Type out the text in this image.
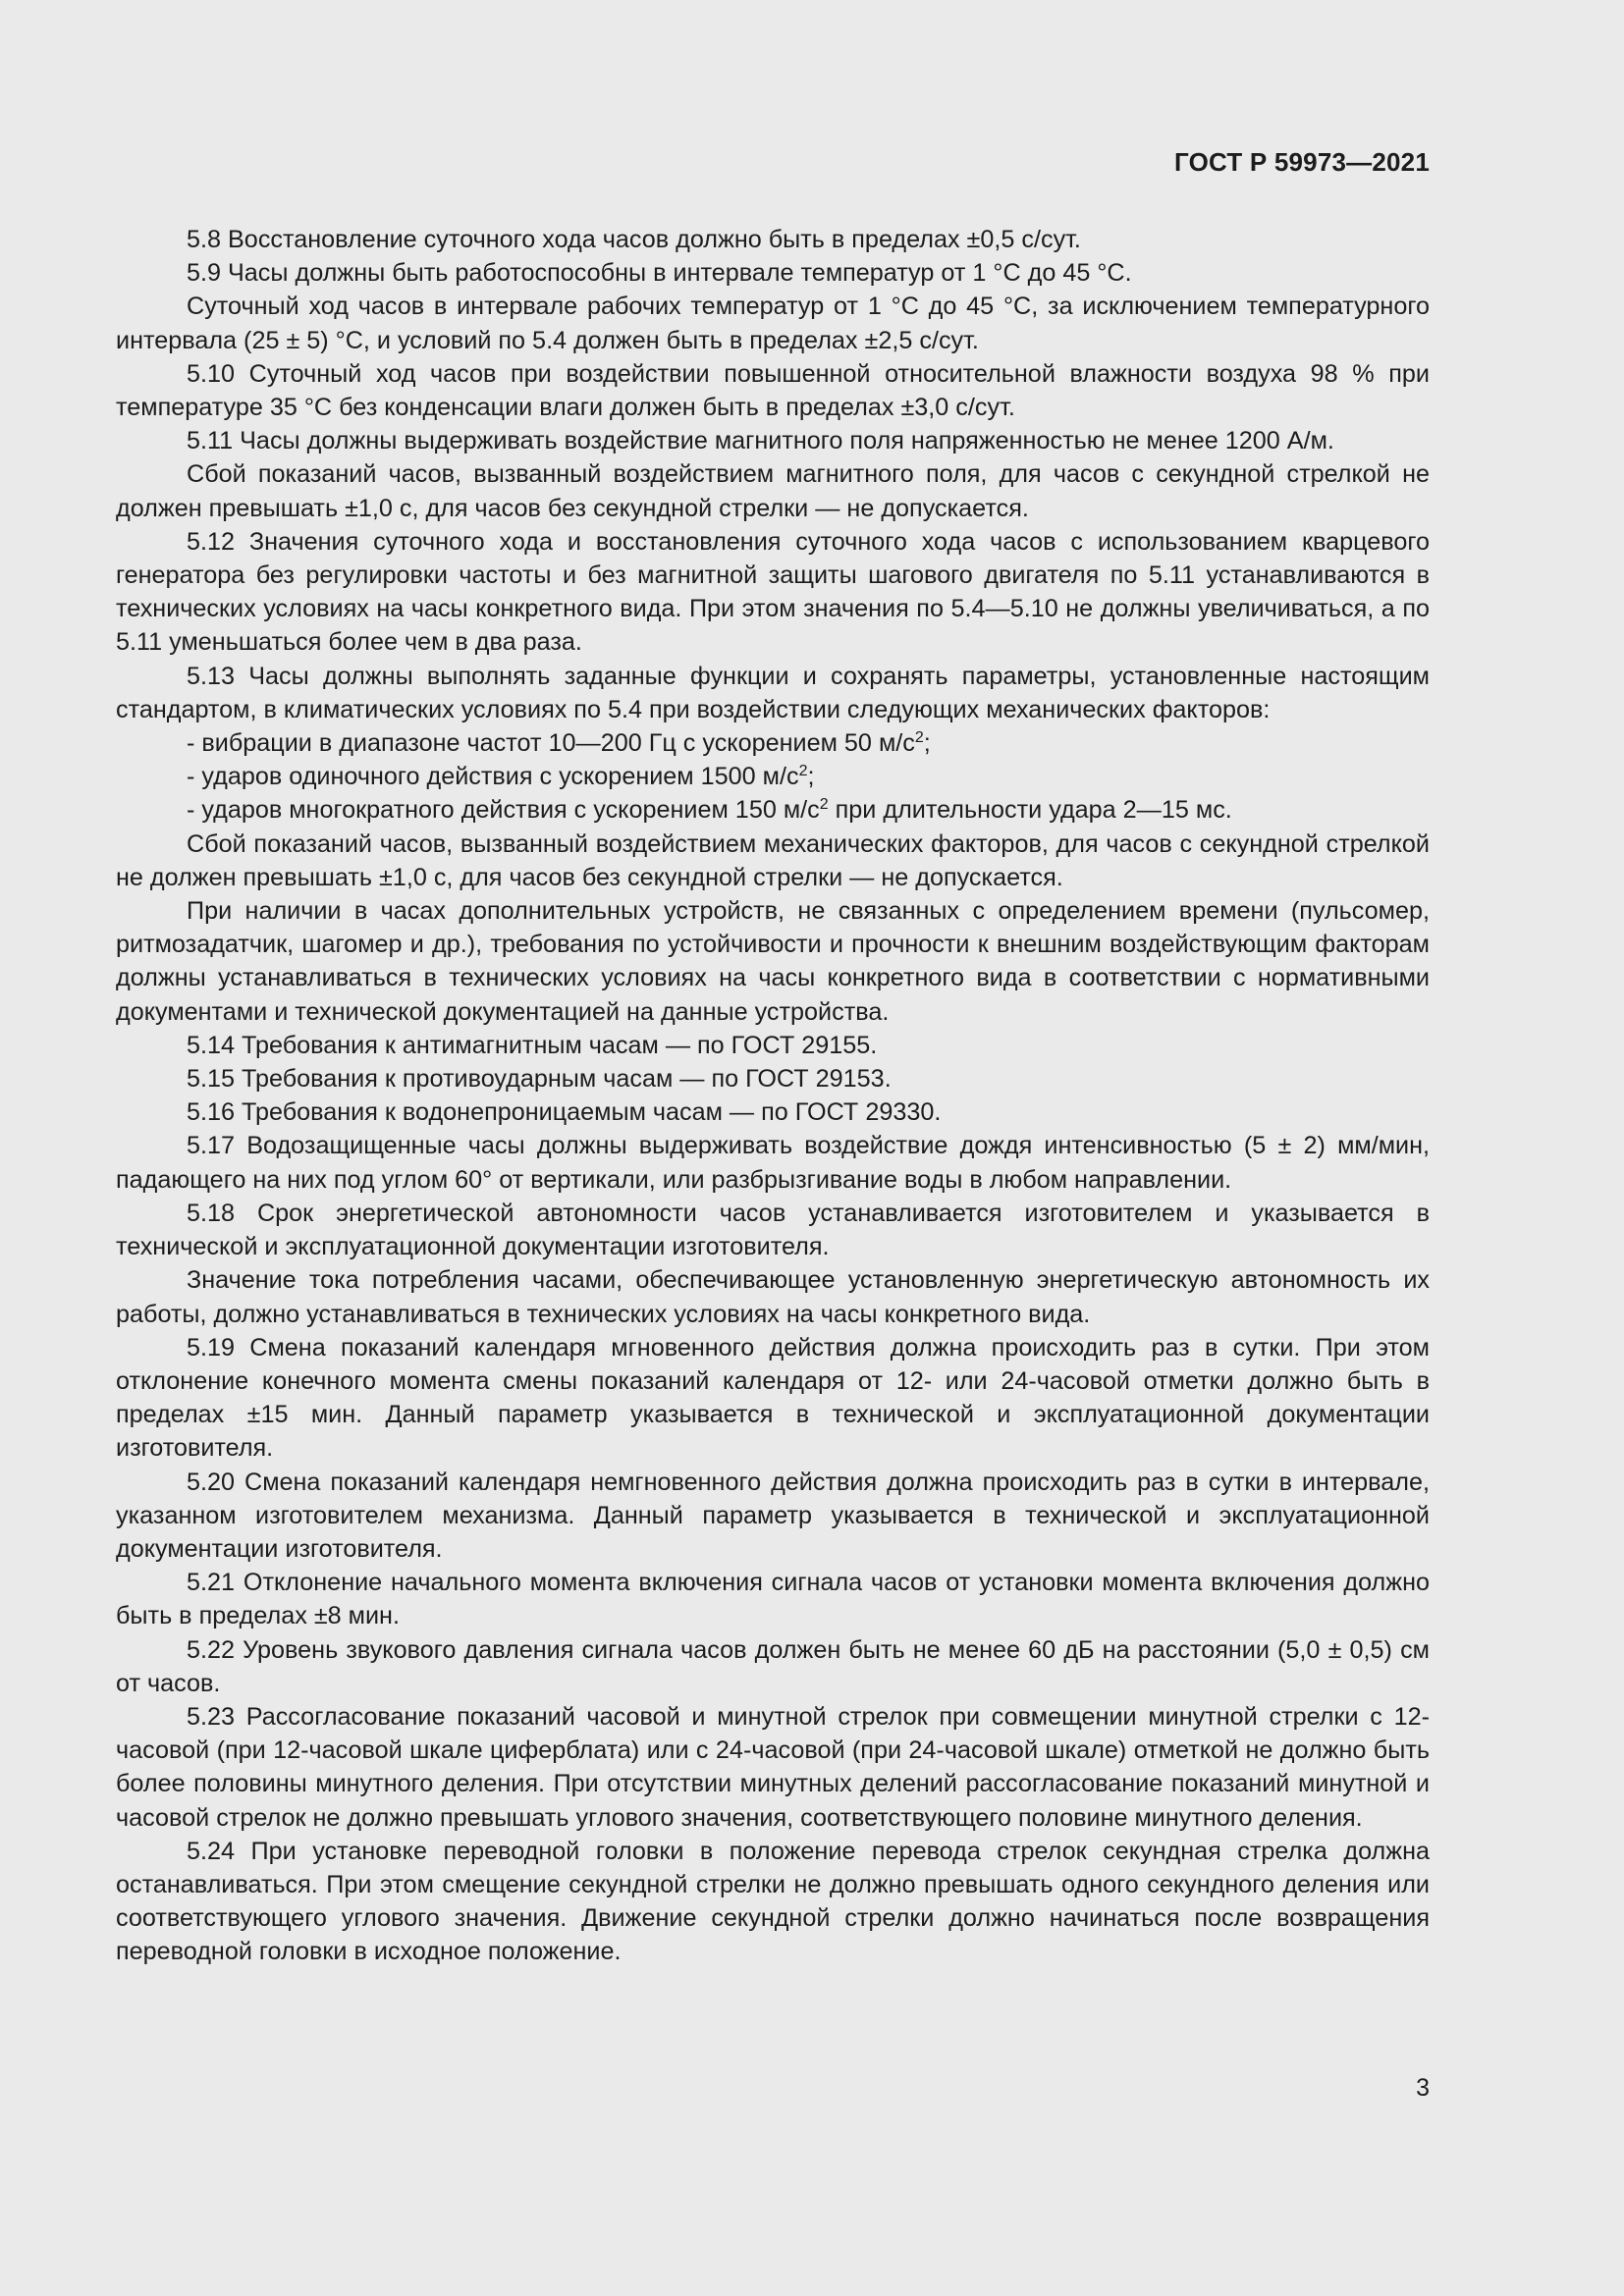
ГОСТ Р 59973—2021

5.8 Восстановление суточного хода часов должно быть в пределах ±0,5 с/сут.

5.9 Часы должны быть работоспособны в интервале температур от 1 °С до 45 °С.

Суточный ход часов в интервале рабочих температур от 1 °С до 45 °С, за исключением температурного интервала (25 ± 5) °С, и условий по 5.4 должен быть в пределах ±2,5 с/сут.

5.10 Суточный ход часов при воздействии повышенной относительной влажности воздуха 98 % при температуре 35 °С без конденсации влаги должен быть в пределах ±3,0 с/сут.

5.11 Часы должны выдерживать воздействие магнитного поля напряженностью не менее 1200 А/м.

Сбой показаний часов, вызванный воздействием магнитного поля, для часов с секундной стрелкой не должен превышать ±1,0 с, для часов без секундной стрелки — не допускается.

5.12 Значения суточного хода и восстановления суточного хода часов с использованием кварцевого генератора без регулировки частоты и без магнитной защиты шагового двигателя по 5.11 устанавливаются в технических условиях на часы конкретного вида. При этом значения по 5.4—5.10 не должны увеличиваться, а по 5.11 уменьшаться более чем в два раза.

5.13 Часы должны выполнять заданные функции и сохранять параметры, установленные настоящим стандартом, в климатических условиях по 5.4 при воздействии следующих механических факторов:

- вибрации в диапазоне частот 10—200 Гц с ускорением 50 $м/с^2$;

- ударов одиночного действия с ускорением 1500 $м/с^2$;

- ударов многократного действия с ускорением 150 $м/с^2$ при длительности удара 2—15 мс.

Сбой показаний часов, вызванный воздействием механических факторов, для часов с секундной стрелкой не должен превышать ±1,0 с, для часов без секундной стрелки — не допускается.

При наличии в часах дополнительных устройств, не связанных с определением времени (пульсомер, ритмозадатчик, шагомер и др.), требования по устойчивости и прочности к внешним воздействующим факторам должны устанавливаться в технических условиях на часы конкретного вида в соответствии с нормативными документами и технической документацией на данные устройства.

5.14 Требования к антимагнитным часам — по ГОСТ 29155.

5.15 Требования к противоударным часам — по ГОСТ 29153.

5.16 Требования к водонепроницаемым часам — по ГОСТ 29330.

5.17 Водозащищенные часы должны выдерживать воздействие дождя интенсивностью (5 ± 2) мм/мин, падающего на них под углом 60° от вертикали, или разбрызгивание воды в любом направлении.

5.18 Срок энергетической автономности часов устанавливается изготовителем и указывается в технической и эксплуатационной документации изготовителя.

Значение тока потребления часами, обеспечивающее установленную энергетическую автономность их работы, должно устанавливаться в технических условиях на часы конкретного вида.

5.19 Смена показаний календаря мгновенного действия должна происходить раз в сутки. При этом отклонение конечного момента смены показаний календаря от 12- или 24-часовой отметки должно быть в пределах ±15 мин. Данный параметр указывается в технической и эксплуатационной документации изготовителя.

5.20 Смена показаний календаря немгновенного действия должна происходить раз в сутки в интервале, указанном изготовителем механизма. Данный параметр указывается в технической и эксплуатационной документации изготовителя.

5.21 Отклонение начального момента включения сигнала часов от установки момента включения должно быть в пределах ±8 мин.

5.22 Уровень звукового давления сигнала часов должен быть не менее 60 дБ на расстоянии (5,0 ± 0,5) см от часов.

5.23 Рассогласование показаний часовой и минутной стрелок при совмещении минутной стрелки с 12-часовой (при 12-часовой шкале циферблата) или с 24-часовой (при 24-часовой шкале) отметкой не должно быть более половины минутного деления. При отсутствии минутных делений рассогласование показаний минутной и часовой стрелок не должно превышать углового значения, соответствующего половине минутного деления.

5.24 При установке переводной головки в положение перевода стрелок секундная стрелка должна останавливаться. При этом смещение секундной стрелки не должно превышать одного секундного деления или соответствующего углового значения. Движение секундной стрелки должно начинаться после возвращения переводной головки в исходное положение.

3
